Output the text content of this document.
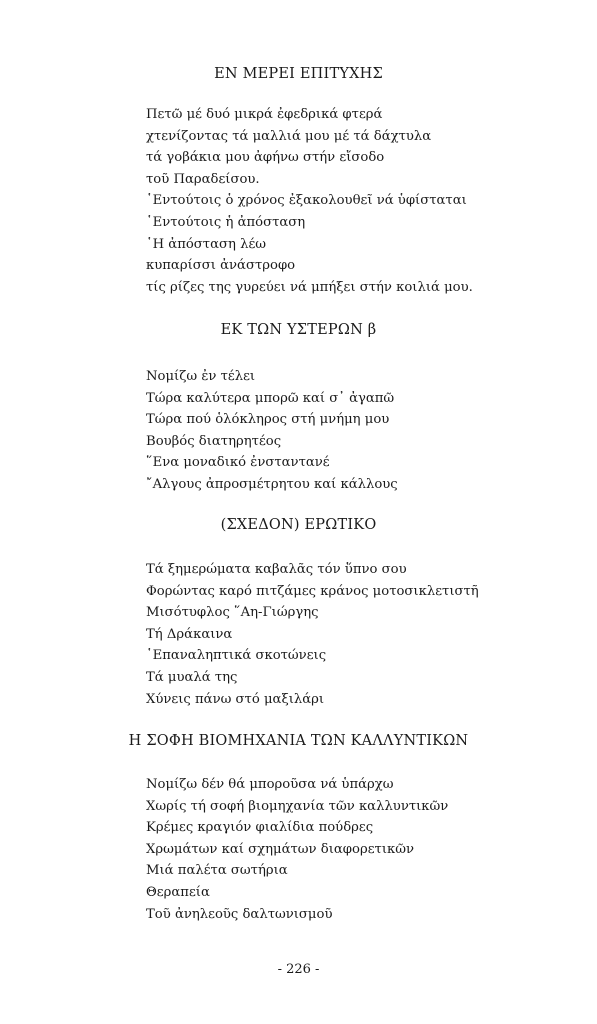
ΕΝ ΜΕΡΕΙ ΕΠΙΤΥΧΗΣ
Πετῶ μέ δυό μικρά ἐφεδρικά φτερά
χτενίζοντας τά μαλλιά μου μέ τά δάχτυλα
τά γοβάκια μου ἀφήνω στήν εἴσοδο
τοῦ Παραδείσου.
῾Εντούτοις ὁ χρόνος ἐξακολουθεῖ νά ὑφίσταται
῾Εντούτοις ἡ ἀπόσταση
῾Η ἀπόσταση λέω
κυπαρίσσι ἀνάστροφο
τίς ρίζες της γυρεύει νά μπήξει στήν κοιλιά μου.
ΕΚ ΤΩΝ ΥΣΤΕΡΩΝ β
Νομίζω ἐν τέλει
Τώρα καλύτερα μπορῶ καί σ᾿ ἀγαπῶ
Τώρα πού ὁλόκληρος στή μνήμη μου
Βουβός διατηρητέος
῞Ενα μοναδικό ἐνσταντανέ
῎Αλγους ἀπροσμέτρητου καί κάλλους
(ΣΧΕΔΟΝ) ΕΡΩΤΙΚΟ
Τά ξημερώματα καβαλᾶς τόν ὕπνο σου
Φορώντας καρό πιτζάμες κράνος μοτοσικλετιστῆ
Μισότυφλος ῞Αη-Γιώργης
Τή Δράκαινα
῾Επαναληπτικά σκοτώνεις
Τά μυαλά της
Χύνεις πάνω στό μαξιλάρι
Η ΣΟΦΗ ΒΙΟΜΗΧΑΝΙΑ ΤΩΝ ΚΑΛΛΥΝΤΙΚΩΝ
Νομίζω δέν θά μποροῦσα νά ὑπάρχω
Χωρίς τή σοφή βιομηχανία τῶν καλλυντικῶν
Κρέμες κραγιόν φιαλίδια πούδρες
Χρωμάτων καί σχημάτων διαφορετικῶν
Μιά παλέτα σωτήρια
Θεραπεία
Τοῦ ἀνηλεοῦς δαλτωνισμοῦ
- 226 -
